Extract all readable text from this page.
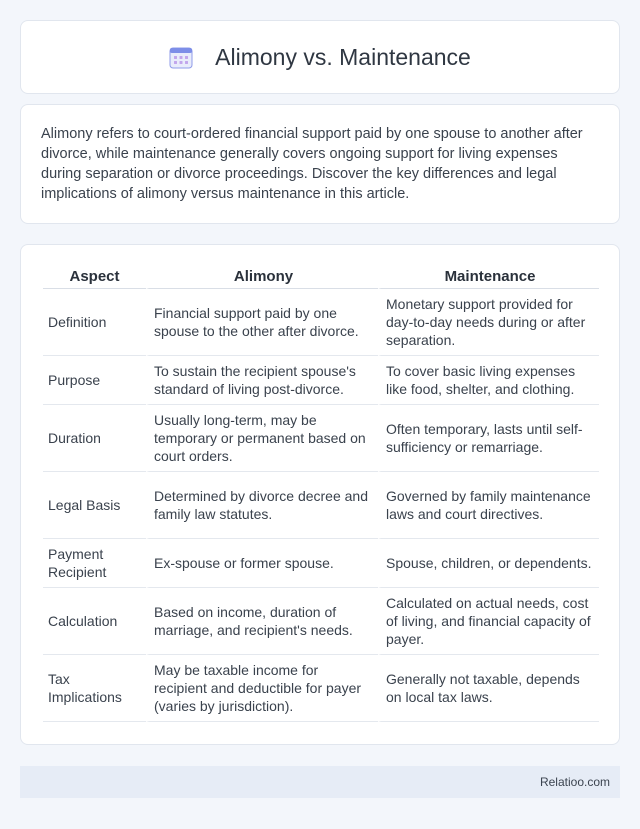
Alimony vs. Maintenance

Alimony refers to court-ordered financial support paid by one spouse to another after divorce, while maintenance generally covers ongoing support for living expenses during separation or divorce proceedings. Discover the key differences and legal implications of alimony versus maintenance in this article.

Aspect	Alimony	Maintenance
Definition	Financial support paid by one spouse to the other after divorce.	Monetary support provided for day-to-day needs during or after separation.
Purpose	To sustain the recipient spouse's standard of living post-divorce.	To cover basic living expenses like food, shelter, and clothing.
Duration	Usually long-term, may be temporary or permanent based on court orders.	Often temporary, lasts until self-sufficiency or remarriage.
Legal Basis	Determined by divorce decree and family law statutes.	Governed by family maintenance laws and court directives.
Payment Recipient	Ex-spouse or former spouse.	Spouse, children, or dependents.
Calculation	Based on income, duration of marriage, and recipient's needs.	Calculated on actual needs, cost of living, and financial capacity of payer.
Tax Implications	May be taxable income for recipient and deductible for payer (varies by jurisdiction).	Generally not taxable, depends on local tax laws.
Relatioo.com
